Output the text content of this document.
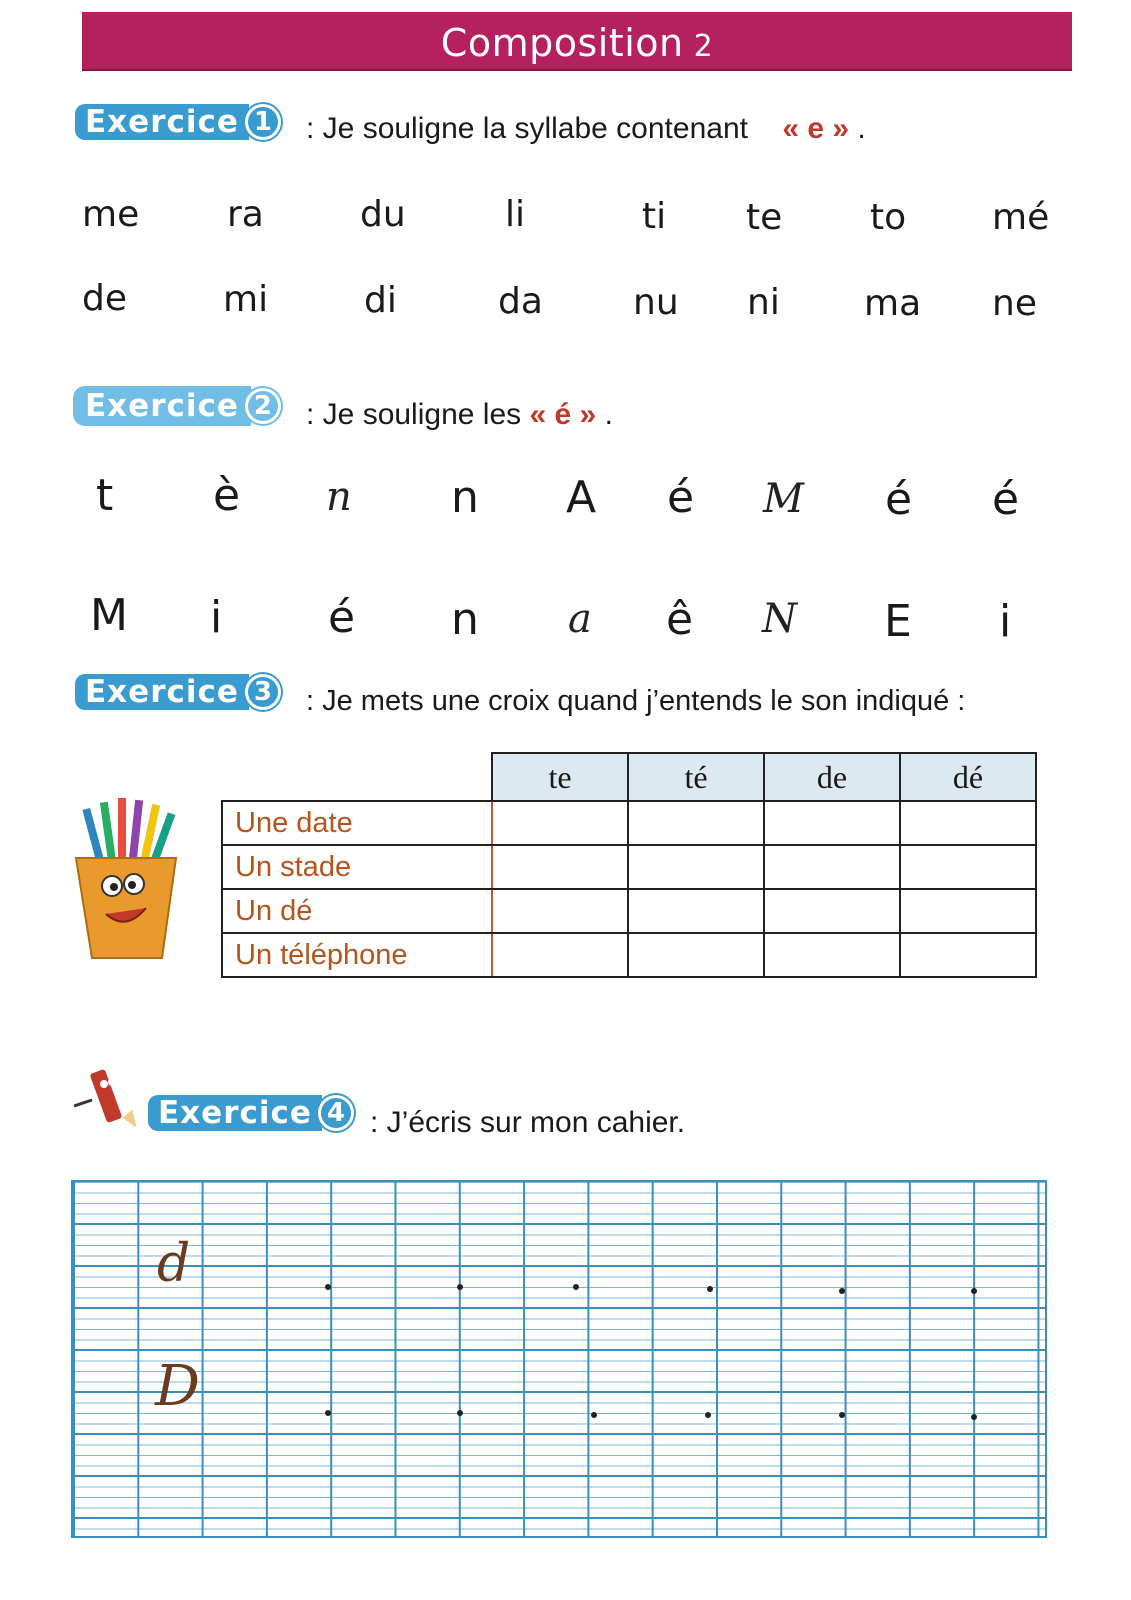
Composition 2
Exercice 1 : Je souligne la syllabe contenant « e » .
me ra	du	li	ti te to mé
de	mi	di	da	nu ni ma ne
Exercice 2 : Je souligne les « é » .
t è n n A é M é é
M i é n a ê N E i
Exercice 3	: Je mets une croix quand j’entends le son indiqué :
	te	té	de	dé
Une date				
Un stade				
Un dé				
Un téléphone				
Exercice 4 : J’écris sur mon cahier.
d
D
